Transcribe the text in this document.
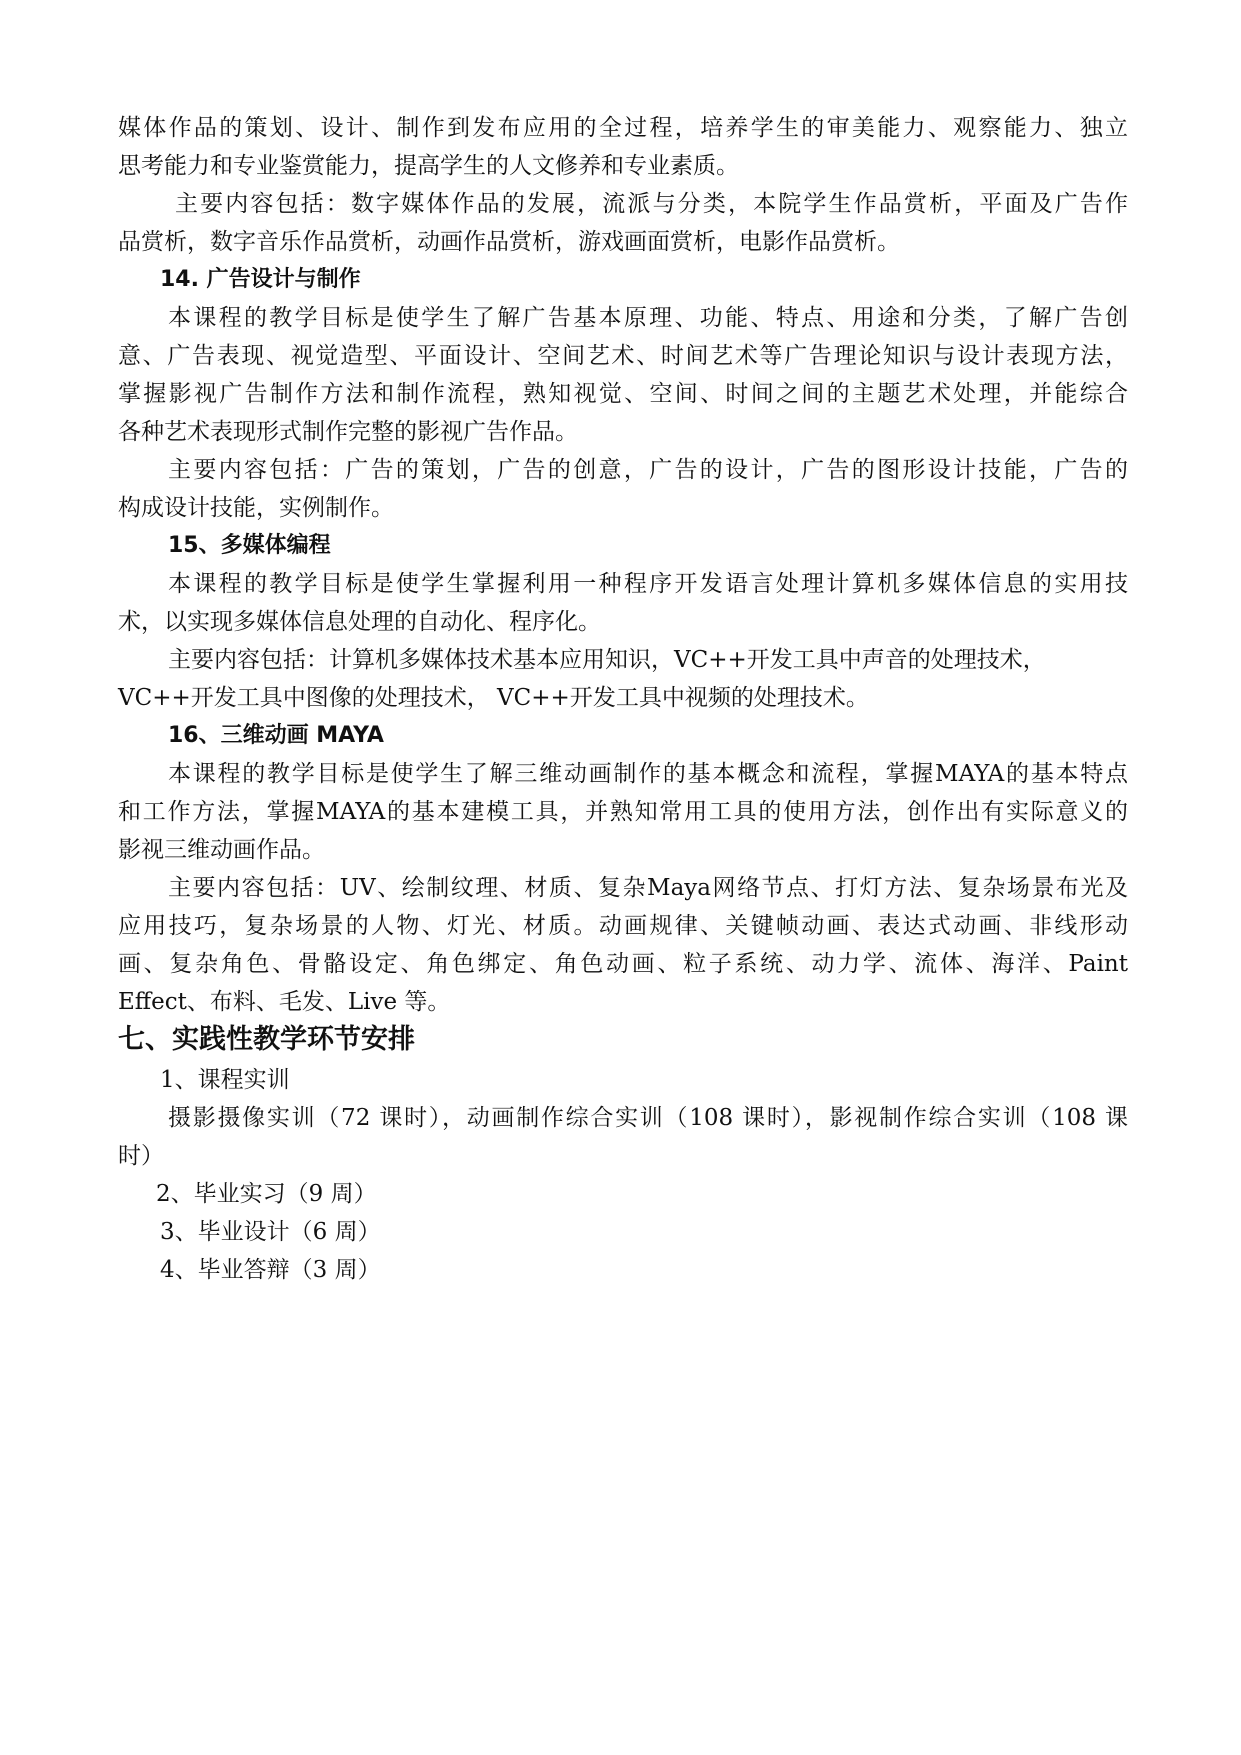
媒体作品的策划、设计、制作到发布应用的全过程，培养学生的审美能力、观察能力、独立
思考能力和专业鉴赏能力，提高学生的人文修养和专业素质。
主要内容包括：数字媒体作品的发展，流派与分类，本院学生作品赏析，平面及广告作
品赏析，数字音乐作品赏析，动画作品赏析，游戏画面赏析，电影作品赏析。
14. 广告设计与制作
本课程的教学目标是使学生了解广告基本原理、功能、特点、用途和分类，了解广告创
意、广告表现、视觉造型、平面设计、空间艺术、时间艺术等广告理论知识与设计表现方法，
掌握影视广告制作方法和制作流程，熟知视觉、空间、时间之间的主题艺术处理，并能综合
各种艺术表现形式制作完整的影视广告作品。
主要内容包括：广告的策划，广告的创意，广告的设计，广告的图形设计技能，广告的
构成设计技能，实例制作。
15、多媒体编程
本课程的教学目标是使学生掌握利用一种程序开发语言处理计算机多媒体信息的实用技
术，以实现多媒体信息处理的自动化、程序化。
主要内容包括：计算机多媒体技术基本应用知识，VC++开发工具中声音的处理技术，
VC++开发工具中图像的处理技术， VC++开发工具中视频的处理技术。
16、三维动画 MAYA
本课程的教学目标是使学生了解三维动画制作的基本概念和流程，掌握MAYA的基本特点
和工作方法，掌握MAYA的基本建模工具，并熟知常用工具的使用方法，创作出有实际意义的
影视三维动画作品。
主要内容包括：UV、绘制纹理、材质、复杂Maya网络节点、打灯方法、复杂场景布光及
应用技巧，复杂场景的人物、灯光、材质。动画规律、关键帧动画、表达式动画、非线形动
画、复杂角色、骨骼设定、角色绑定、角色动画、粒子系统、动力学、流体、海洋、Paint
Effect、布料、毛发、Live 等。
七、实践性教学环节安排
1、课程实训
摄影摄像实训（72 课时），动画制作综合实训（108 课时），影视制作综合实训（108 课
时）
2、毕业实习（9 周）
3、毕业设计（6 周）
4、毕业答辩（3 周）
